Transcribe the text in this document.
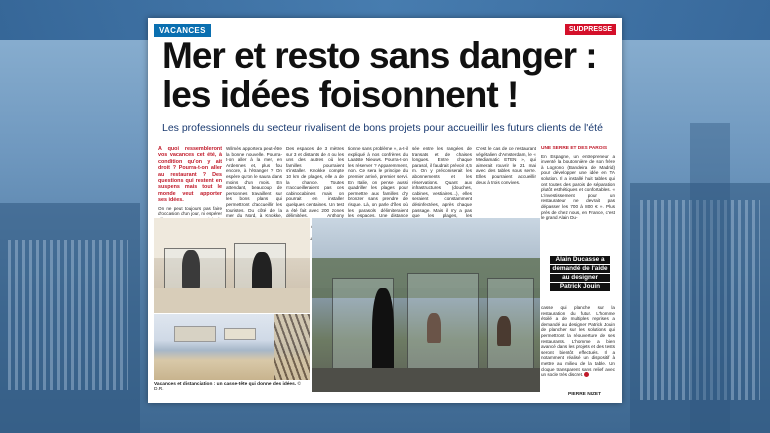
VACANCES	SUDPRESSE
Mer et resto sans danger :
les idées foisonnent !

Les professionnels du secteur rivalisent de bons projets pour accueillir les futurs clients de l'été

A quoi ressembleront vos vacances cet été, à condition qu'on y ait droit ? Pourra-t-on aller au restaurant ? Des questions qui restent en suspens mais tout le monde veut apporter ses idées.

On ne peut toujours pas faire d'occasion d'un jour, ni espérer

Wilmès apportera peut-être la bonne nouvelle. Pourra-t-on aller à la mer, en Ardennes et, plus fou encore, à l'étranger ? On espère qu'on le saura dans moins d'un mois. En attendant, beaucoup de personnes travaillent sur les bons plans qui permettront d'accueillir les touristes. Du côté de la mer du Nord, à Knokke,

Des espaces de 3 mètres sur 3 et distants de 4 ou les uns des autres où les familles pourraient s'installer. Knokke compte 10 km de plages, elle a de la chance. Toutes n'accueilleraient pas ces cabinocabines mais on pourrait en installer quelques centaines. Un test a été fait avec 200 zones délimitées. Anthony

tionne sans problème », a-t-il expliqué à nos confrères du Laatste Nieuws. Pourra-t-on les réserver ? Apparemment, non. Ce sera le principe du premier arrivé, premier servi. En Italie, on pense aussi quadriller les plages pour permettre aux familles d'y bronzer sans prendre de risque. Là, on parle d'îles où les parasols délimiteraient les espaces. Une distance

sée entre les rangées de transats et de chaises longues. Entre chaque parasol, il faudrait prévoir 4,5 m. On y préconiserait les abonnements et les réservations. Quant aux infrastructures (douches, cabines, vestiaires...), elles seraient constamment désinfectées, après chaque passage. Mais il n'y a pas que les plages, les

C'est le cas de ce restaurant végétalien d'Amsterdam, le « Mediamatic ETEN », qui aimerait rouvrir le 21 mai avec des tables sous serre. Elles pourraient accueillir deux à trois convives.

UNE SERRE ET DES PAROIS

En Espagne, un entrepreneur a inventé la boutonnière de son frère à Logrono (Bandeira de Madrid) pour développer une idée en TA solution. Il a installé huit tables qui ont toutes des parois de séparation plutôt esthétiques et confortables. « L'investissement pour un restaurateur ne devrait pas dépasser les 700 à 800 € ». Plus près de chez nous, en France, c'est le grand Alain Du-

Vacances et distanciation : un casse-tête qui donne des idées. © D.R.
Alain Ducasse a
demandé de l'aide
au designer
Patrick Jouin

casse qui planche sur la restauration du futur. L'homme étoilé a de multiples reprises a demandé au designer Patrick Jouin de plancher sur les solutions qui permettront la réouverture de ses restaurants. L'homme a bien avancé dans les projets et des tests seront bientôt effectués. Il a notamment réalisé un dispositif à mettre au milieu de la table. Un cloque transparent sans relief avec un socle très discret.

PIERRE NIZET
